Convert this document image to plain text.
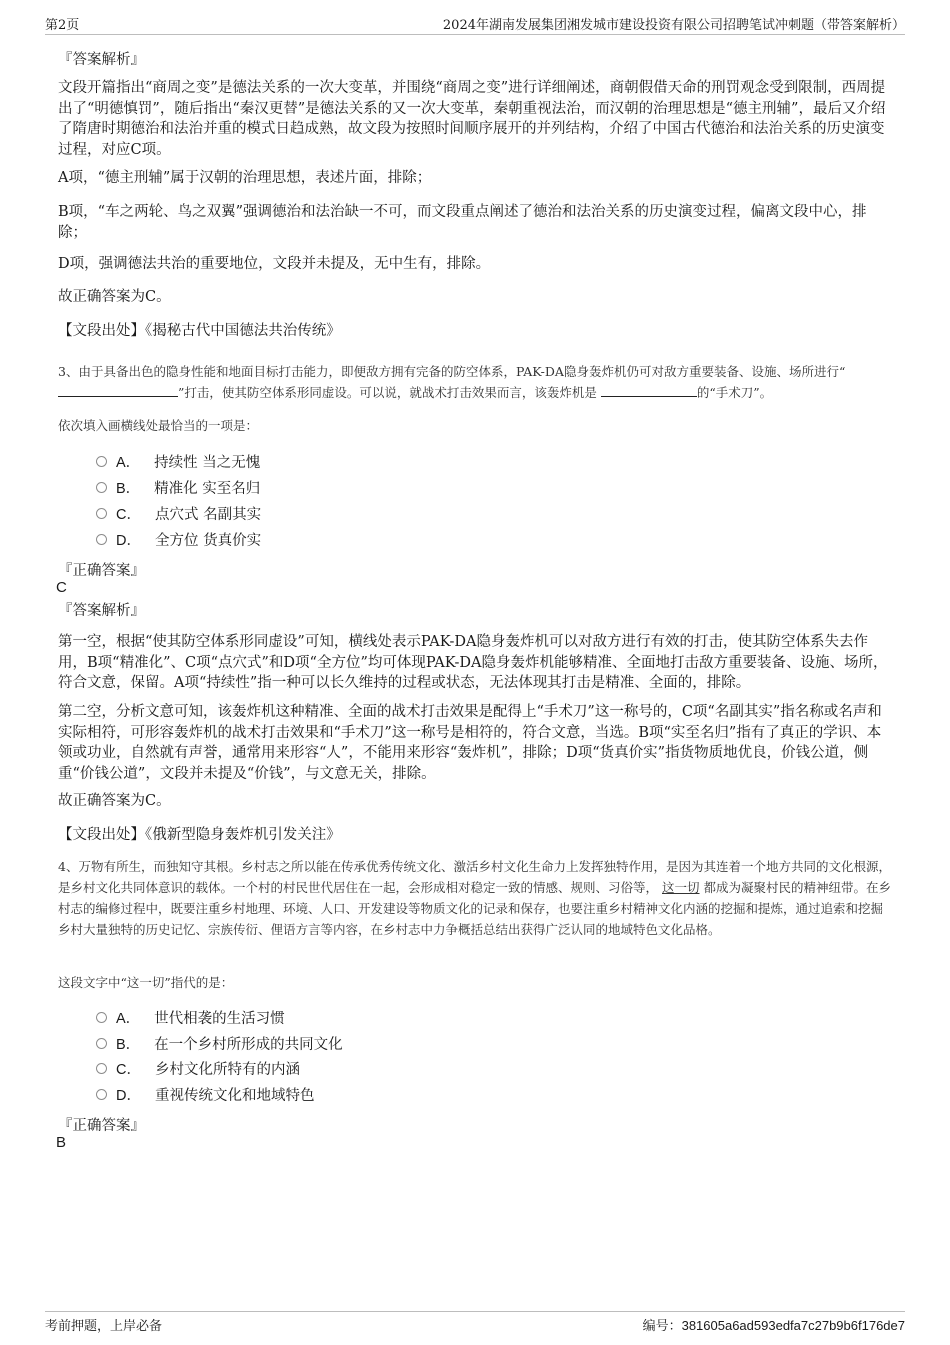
第2页	2024年湖南发展集团湘发城市建设投资有限公司招聘笔试冲刺题（带答案解析）
『答案解析』

文段开篇指出“商周之变”是德法关系的一次大变革，并围绕“商周之变”进行详细阐述，商朝假借天命的刑罚观念受到限制，西周提出了“明德慎罚”，随后指出“秦汉更替”是德法关系的又一次大变革，秦朝重视法治，而汉朝的治理思想是“德主刑辅”，最后又介绍了隋唐时期德治和法治并重的模式日趋成熟，故文段为按照时间顺序展开的并列结构，介绍了中国古代德治和法治关系的历史演变过程，对应C项。

A项，“德主刑辅”属于汉朝的治理思想，表述片面，排除；

B项，“车之两轮、鸟之双翼”强调德治和法治缺一不可，而文段重点阐述了德治和法治关系的历史演变过程，偏离文段中心，排除；

D项，强调德法共治的重要地位，文段并未提及，无中生有，排除。

故正确答案为C。

【文段出处】《揭秘古代中国德法共治传统》

3、由于具备出色的隐身性能和地面目标打击能力，即便敌方拥有完备的防空体系，PAK-DA隐身轰炸机仍可对敌方重要装备、设施、场所进行“”打击，使其防空体系形同虚设。可以说，就战术打击效果而言，该轰炸机是	的“手术刀”。

依次填入画横线处最恰当的一项是：

A． 持续性 当之无愧
B． 精准化 实至名归
C． 点穴式 名副其实
D． 全方位 货真价实
『正确答案』
C
『答案解析』

第一空，根据“使其防空体系形同虚设”可知，横线处表示PAK-DA隐身轰炸机可以对敌方进行有效的打击，使其防空体系失去作用，B项“精准化”、C项“点穴式”和D项“全方位”均可体现PAK-DA隐身轰炸机能够精准、全面地打击敌方重要装备、设施、场所，符合文意，保留。A项“持续性”指一种可以长久维持的过程或状态，无法体现其打击是精准、全面的，排除。

第二空，分析文意可知，该轰炸机这种精准、全面的战术打击效果是配得上“手术刀”这一称号的，C项“名副其实”指名称或名声和实际相符，可形容轰炸机的战术打击效果和“手术刀”这一称号是相符的，符合文意，当选。B项“实至名归”指有了真正的学识、本领或功业，自然就有声誉，通常用来形容“人”，不能用来形容“轰炸机”，排除；D项“货真价实”指货物质地优良，价钱公道，侧重“价钱公道”，文段并未提及“价钱”，与文意无关，排除。

故正确答案为C。

【文段出处】《俄新型隐身轰炸机引发关注》

4、万物有所生，而独知守其根。乡村志之所以能在传承优秀传统文化、激活乡村文化生命力上发挥独特作用，是因为其连着一个地方共同的文化根源，是乡村文化共同体意识的载体。一个村的村民世代居住在一起，会形成相对稳定一致的情感、规则、习俗等， 这一切 都成为凝聚村民的精神纽带。在乡村志的编修过程中，既要注重乡村地理、环境、人口、开发建设等物质文化的记录和保存，也要注重乡村精神文化内涵的挖掘和提炼，通过追索和挖掘乡村大量独特的历史记忆、宗族传衍、俚语方言等内容，在乡村志中力争概括总结出获得广泛认同的地域特色文化品格。

这段文字中“这一切”指代的是：

A． 世代相袭的生活习惯
B． 在一个乡村所形成的共同文化
C． 乡村文化所特有的内涵
D． 重视传统文化和地域特色
『正确答案』
B
考前押题，上岸必备	编号：381605a6ad593edfa7c27b9b6f176de7
